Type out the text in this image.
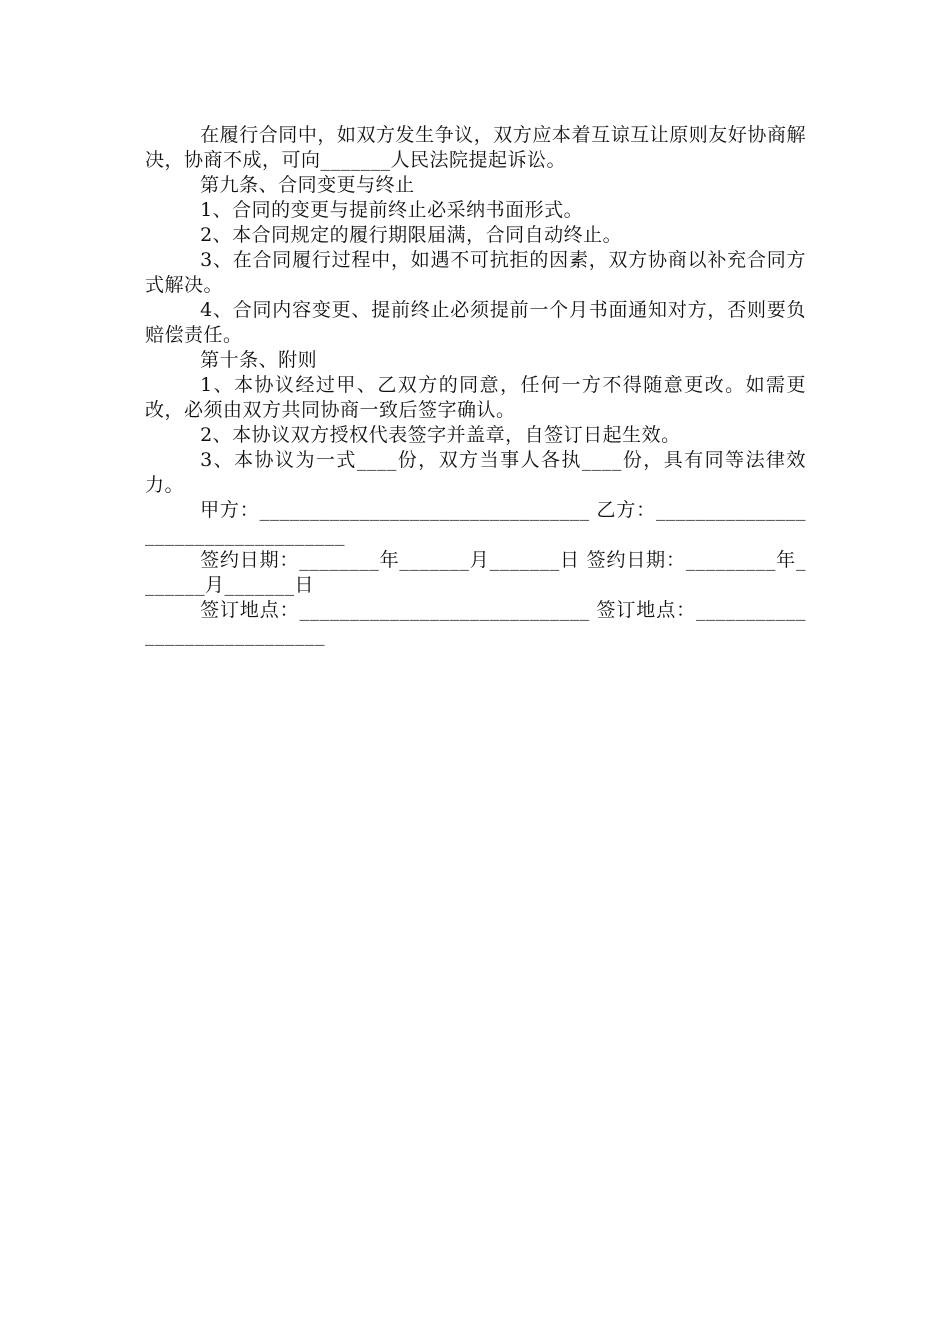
在履行合同中，如双方发生争议，双方应本着互谅互让原则友好协商解决，协商不成，可向_______人民法院提起诉讼。

第九条、合同变更与终止

1、合同的变更与提前终止必采纳书面形式。

2、本合同规定的履行期限届满，合同自动终止。

3、在合同履行过程中，如遇不可抗拒的因素，双方协商以补充合同方式解决。

4、合同内容变更、提前终止必须提前一个月书面通知对方，否则要负赔偿责任。

第十条、附则

1、本协议经过甲、乙双方的同意，任何一方不得随意更改。如需更改，必须由双方共同协商一致后签字确认。

2、本协议双方授权代表签字并盖章，自签订日起生效。

3、本协议为一式____份，双方当事人各执____份，具有同等法律效力。

甲方：_________________________________ 乙方：___________________________________

签约日期：________年_______月_______日 签约日期：_________年_______月_______日

签订地点：_____________________________ 签订地点：_____________________________
